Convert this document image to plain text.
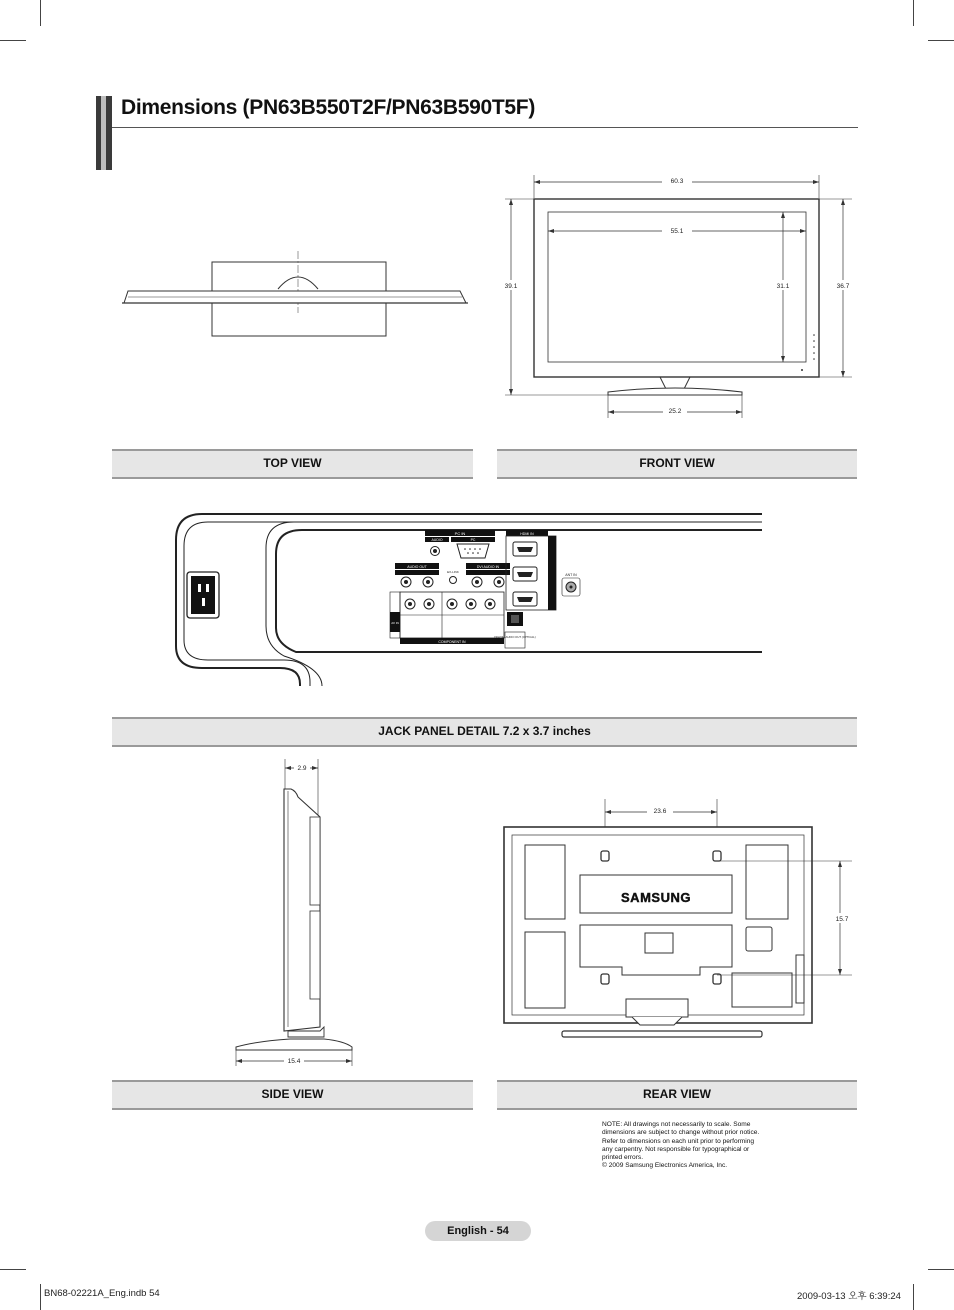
Dimensions (PN63B550T2F/PN63B590T5F)
60.3
55.1
31.1
39.1	36.7
25.2
TOP VIEW	FRONT VIEW
PC IN
AUDIO	PC
AUDIO OUT
EX-LINK
DVI AUDIO IN
HDMI IN
ANT IN
AV IN
COMPONENT IN
DIGITAL AUDIO OUT (OPTICAL)
JACK PANEL DETAIL 7.2 x 3.7 inches
2.9
15.4
23.6
SAMSUNG
15.7
SIDE VIEW	REAR VIEW
NOTE: All drawings not necessarily to scale. Some
dimensions are subject to change without prior notice.
Refer to dimensions on each unit prior to performing
any carpentry. Not responsible for typographical or
printed errors.
© 2009 Samsung Electronics America, Inc.
English - 54
BN68-02221A_Eng.indb 54	2009-03-13 오후 6:39:24
